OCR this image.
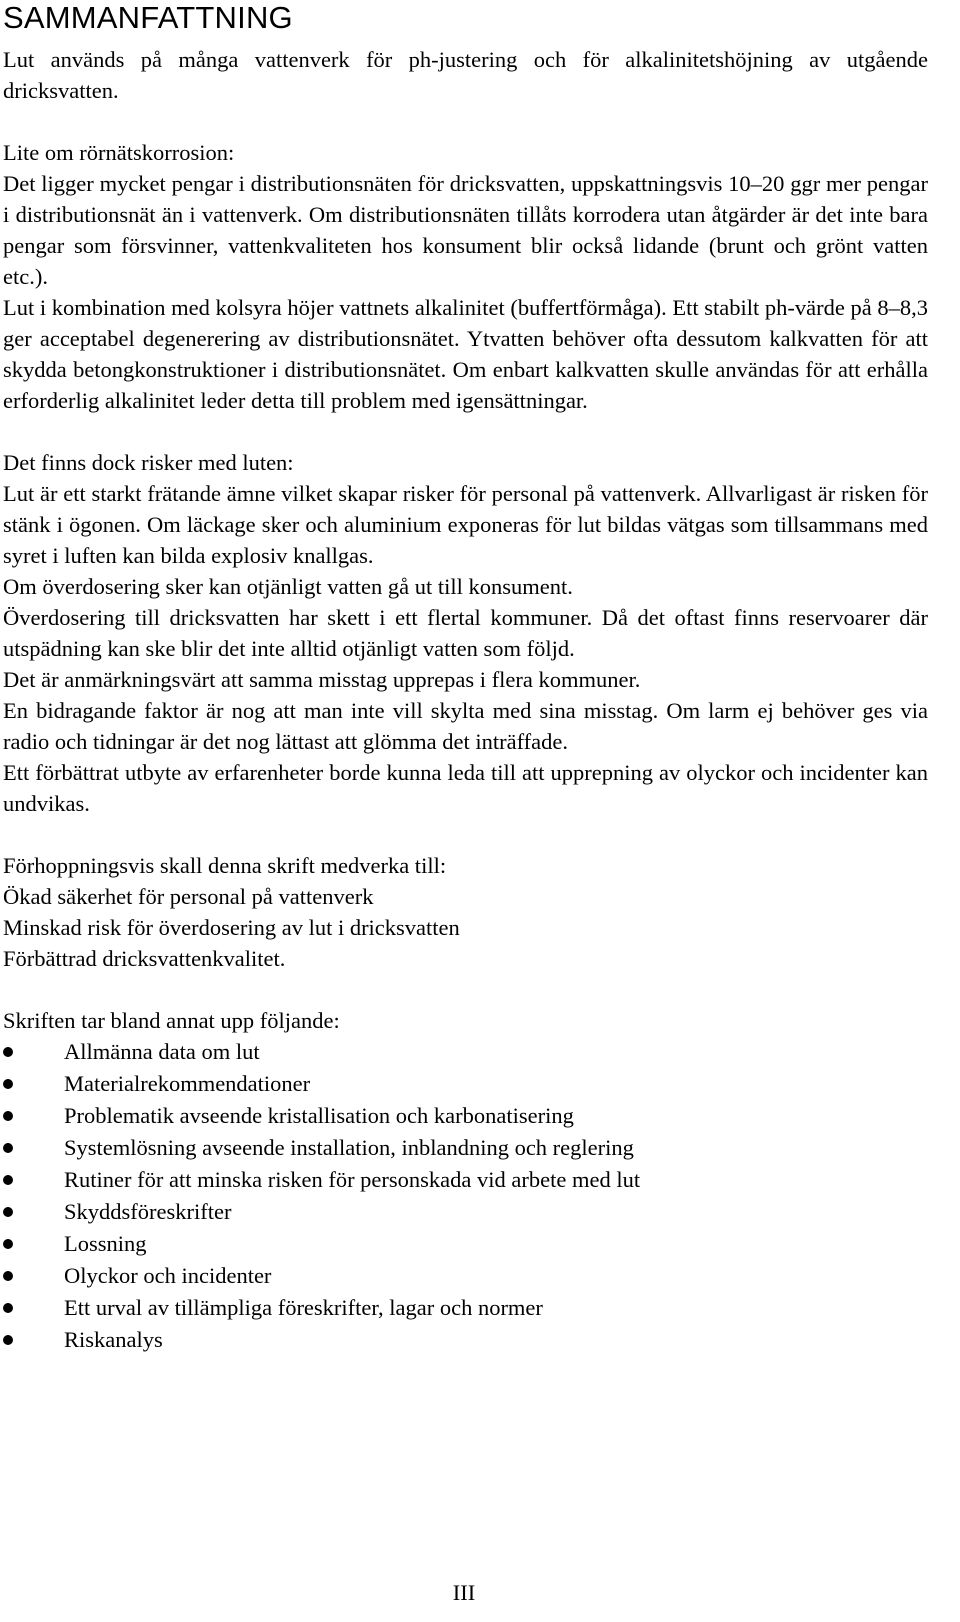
SAMMANFATTNING

Lut används på många vattenverk för ph-justering och för alkalinitetshöjning av utgående dricksvatten.

Lite om rörnätskorrosion:

Det ligger mycket pengar i distributionsnäten för dricksvatten, uppskattningsvis 10–20 ggr mer pengar i distributionsnät än i vattenverk. Om distributionsnäten tillåts korrodera utan åtgärder är det inte bara pengar som försvinner, vattenkvaliteten hos konsument blir också lidande (brunt och grönt vatten etc.).

Lut i kombination med kolsyra höjer vattnets alkalinitet (buffertförmåga). Ett stabilt ph-värde på 8–8,3 ger acceptabel degenerering av distributionsnätet. Ytvatten behöver ofta dessutom kalkvatten för att skydda betongkonstruktioner i distributionsnätet. Om enbart kalkvatten skulle användas för att erhålla erforderlig alkalinitet leder detta till problem med igensättningar.

Det finns dock risker med luten:

Lut är ett starkt frätande ämne vilket skapar risker för personal på vattenverk. Allvarligast är risken för stänk i ögonen. Om läckage sker och aluminium exponeras för lut bildas vätgas som tillsammans med syret i luften kan bilda explosiv knallgas.

Om överdosering sker kan otjänligt vatten gå ut till konsument.

Överdosering till dricksvatten har skett i ett flertal kommuner. Då det oftast finns reservoarer där utspädning kan ske blir det inte alltid otjänligt vatten som följd.

Det är anmärkningsvärt att samma misstag upprepas i flera kommuner.

En bidragande faktor är nog att man inte vill skylta med sina misstag. Om larm ej behöver ges via radio och tidningar är det nog lättast att glömma det inträffade.

Ett förbättrat utbyte av erfarenheter borde kunna leda till att upprepning av olyckor och incidenter kan undvikas.

Förhoppningsvis skall denna skrift medverka till:

Ökad säkerhet för personal på vattenverk

Minskad risk för överdosering av lut i dricksvatten

Förbättrad dricksvattenkvalitet.

Skriften tar bland annat upp följande:

Allmänna data om lut
Materialrekommendationer
Problematik avseende kristallisation och karbonatisering
Systemlösning avseende installation, inblandning och reglering
Rutiner för att minska risken för personskada vid arbete med lut
Skyddsföreskrifter
Lossning
Olyckor och incidenter
Ett urval av tillämpliga föreskrifter, lagar och normer
Riskanalys
III
